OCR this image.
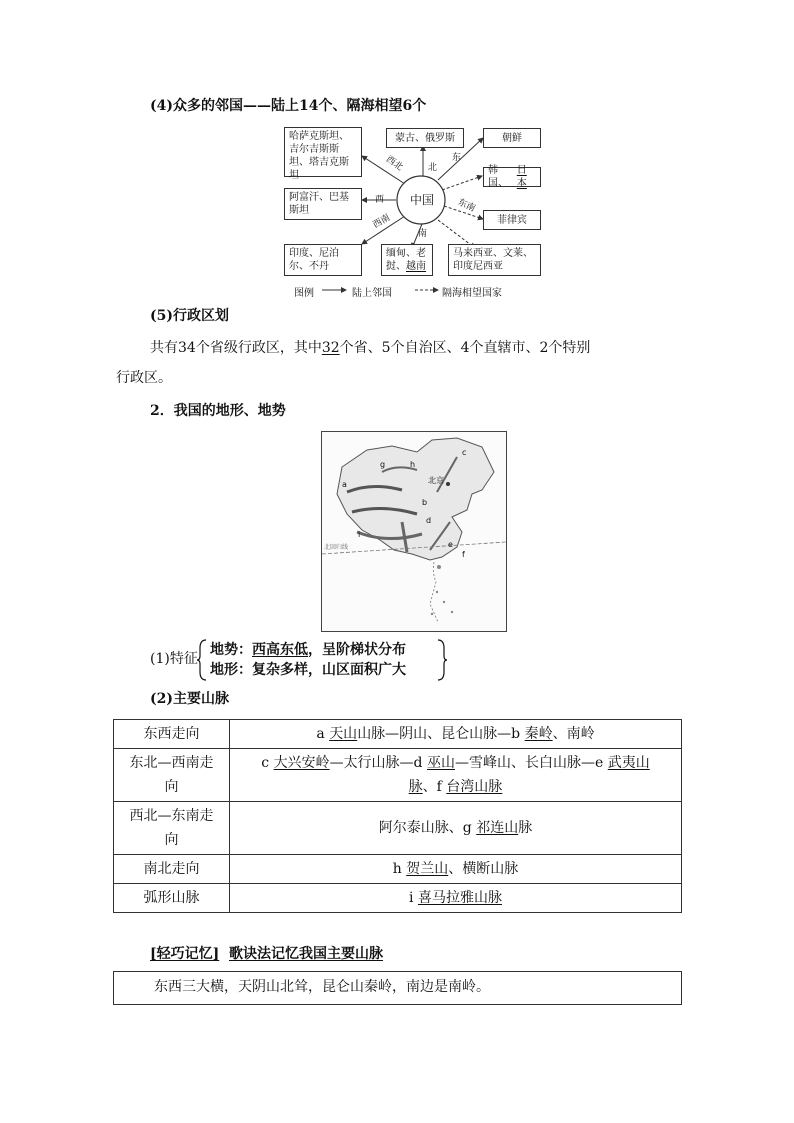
(4)众多的邻国——陆上14个、隔海相望6个
中国
哈萨克斯坦、吉尔吉斯斯坦、塔吉克斯坦
蒙古、俄罗斯	朝鲜
韩国、
日本
阿富汗、巴基斯坦
菲律宾
印度、尼泊尔、不丹
缅甸、老挝、越南
马来西亚、文莱、印度尼西亚
西北	北
东
西
西南
南
东南
图例	陆上邻国	隔海相望国家
(5)行政区划
共有34个省级行政区，其中32个省、5个自治区、4个直辖市、2个特别
行政区。
2．我国的地形、地势
北京
a
b
c
d
e
f
g	h
i
北回归线
(1)特征
地势：西高东低，呈阶梯状分布
地形：复杂多样，山区面积广大
(2)主要山脉
东西走向	a 天山山脉—阴山、昆仑山脉—b 秦岭、南岭
东北—西南走
向	c 大兴安岭—太行山脉—d 巫山—雪峰山、长白山脉—e 武夷山
脉、f 台湾山脉
西北—东南走
向	阿尔泰山脉、g 祁连山脉
南北走向	h 贺兰山、横断山脉
弧形山脉	i 喜马拉雅山脉
[轻巧记忆] 歌诀法记忆我国主要山脉
东西三大横，天阴山北耸，昆仑山秦岭，南边是南岭。
